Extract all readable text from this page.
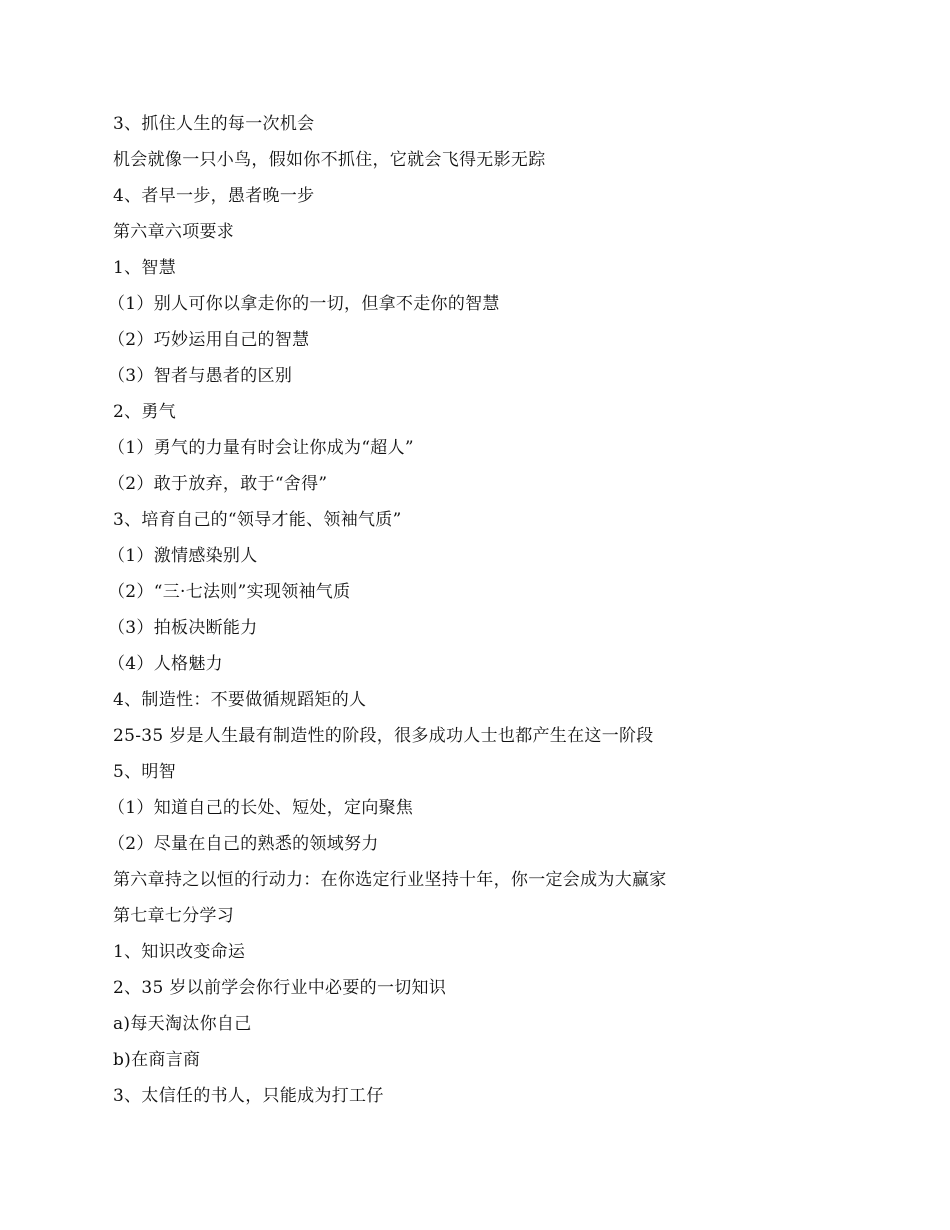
3、抓住人生的每一次机会
机会就像一只小鸟，假如你不抓住，它就会飞得无影无踪
4、者早一步，愚者晚一步
第六章六项要求
1、智慧
（1）别人可你以拿走你的一切，但拿不走你的智慧
（2）巧妙运用自己的智慧
（3）智者与愚者的区别
2、勇气
（1）勇气的力量有时会让你成为“超人”
（2）敢于放弃，敢于“舍得”
3、培育自己的“领导才能、领袖气质”
（1）激情感染别人
（2）“三·七法则”实现领袖气质
（3）拍板决断能力
（4）人格魅力
4、制造性：不要做循规蹈矩的人
25-35 岁是人生最有制造性的阶段，很多成功人士也都产生在这一阶段
5、明智
（1）知道自己的长处、短处，定向聚焦
（2）尽量在自己的熟悉的领域努力
第六章持之以恒的行动力：在你选定行业坚持十年，你一定会成为大赢家
第七章七分学习
1、知识改变命运
2、35 岁以前学会你行业中必要的一切知识
a)每天淘汰你自己
b)在商言商
3、太信任的书人，只能成为打工仔
